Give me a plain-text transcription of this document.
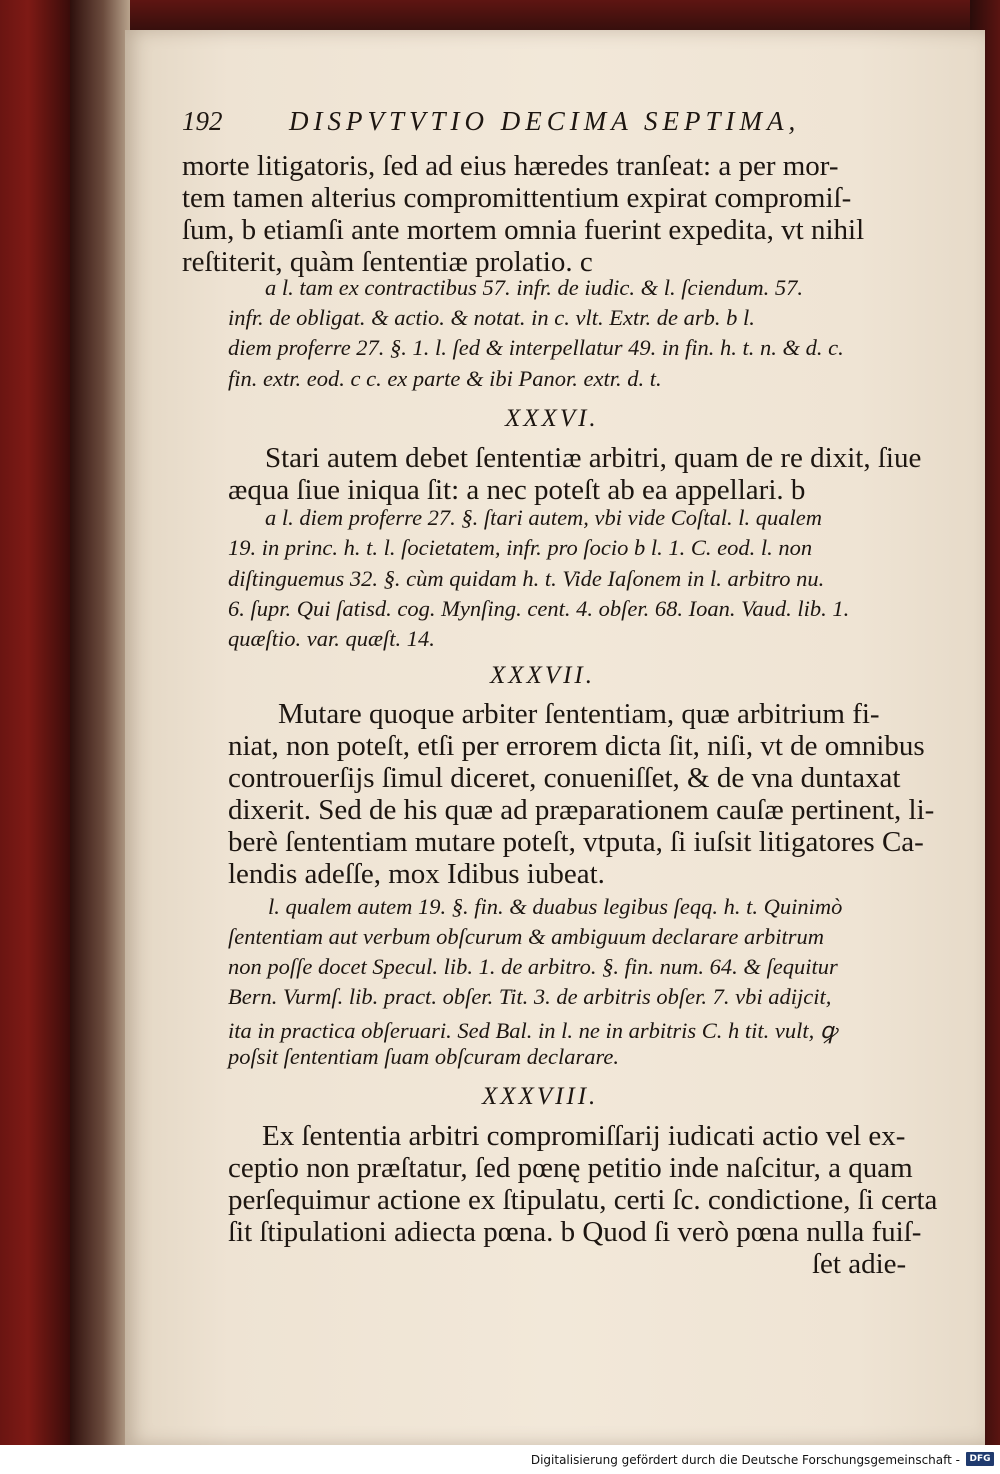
192 DISPVTVTIO DECIMA SEPTIMA,
morte litigatoris, ſed ad eius hæredes tranſeat: a per mor-
tem tamen alterius compromittentium expirat compromiſ-
ſum, b etiamſi ante mortem omnia fuerint expedita, vt nihil
reſtiterit, quàm ſententiæ prolatio. c
a l. tam ex contractibus 57. infr. de iudic. & l. ſciendum. 57.
infr. de obligat. & actio. & notat. in c. vlt. Extr. de arb. b l.
diem proferre 27. §. 1. l. ſed & interpellatur 49. in fin. h. t. n. & d. c.
fin. extr. eod. c c. ex parte & ibi Panor. extr. d. t.
XXXVI.
Stari autem debet ſententiæ arbitri, quam de re dixit, ſiue
æqua ſiue iniqua ſit: a nec poteſt ab ea appellari. b
a l. diem proferre 27. §. ſtari autem, vbi vide Coſtal. l. qualem
19. in princ. h. t. l. ſocietatem, infr. pro ſocio b l. 1. C. eod. l. non
diſtinguemus 32. §. cùm quidam h. t. Vide Iaſonem in l. arbitro nu.
6. ſupr. Qui ſatisd. cog. Mynſing. cent. 4. obſer. 68. Ioan. Vaud. lib. 1.
quæſtio. var. quæſt. 14.
XXXVII.
Mutare quoque arbiter ſententiam, quæ arbitrium fi-
niat, non poteſt, etſi per errorem dicta ſit, niſi, vt de omnibus
controuerſijs ſimul diceret, conueniſſet, & de vna duntaxat
dixerit. Sed de his quæ ad præparationem cauſæ pertinent, li-
berè ſententiam mutare poteſt, vtputa, ſi iuſsit litigatores Ca-
lendis adeſſe, mox Idibus iubeat.
l. qualem autem 19. §. fin. & duabus legibus ſeqq. h. t. Quinimò
ſententiam aut verbum obſcurum & ambiguum declarare arbitrum
non poſſe docet Specul. lib. 1. de arbitro. §. fin. num. 64. & ſequitur
Bern. Vurmſ. lib. pract. obſer. Tit. 3. de arbitris obſer. 7. vbi adijcit,
ita in practica obſeruari. Sed Bal. in l. ne in arbitris C. h tit. vult, ꝙ
poſsit ſententiam ſuam obſcuram declarare.
XXXVIII.
Ex ſententia arbitri compromiſſarij iudicati actio vel ex-
ceptio non præſtatur, ſed pœnę petitio inde naſcitur, a quam
perſequimur actione ex ſtipulatu, certi ſc. condictione, ſi certa
ſit ſtipulationi adiecta pœna. b Quod ſi verò pœna nulla fuiſ-
ſet adie-
Digitalisierung gefördert durch die Deutsche Forschungsgemeinschaft -	DFG
